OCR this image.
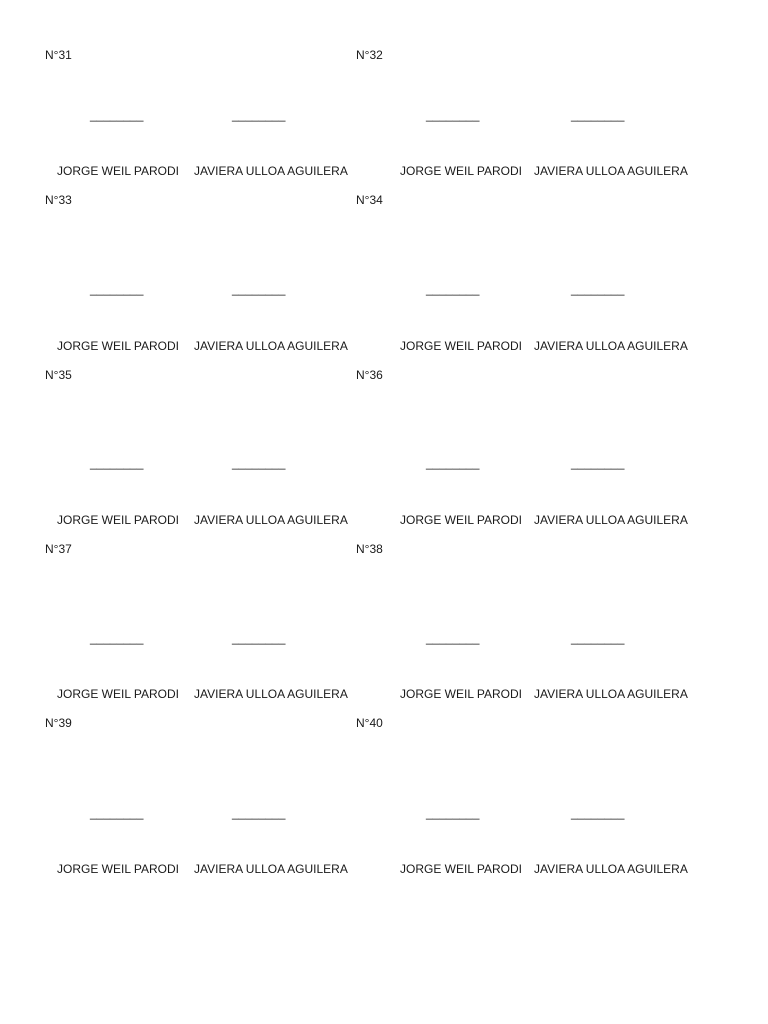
N°31
JORGE WEIL PARODI JAVIERA ULLOA AGUILERA
N°32
JORGE WEIL PARODI JAVIERA ULLOA AGUILERA
N°33
JORGE WEIL PARODI JAVIERA ULLOA AGUILERA
N°34
JORGE WEIL PARODI JAVIERA ULLOA AGUILERA
N°35
JORGE WEIL PARODI JAVIERA ULLOA AGUILERA
N°36
JORGE WEIL PARODI JAVIERA ULLOA AGUILERA
N°37
JORGE WEIL PARODI JAVIERA ULLOA AGUILERA
N°38
JORGE WEIL PARODI JAVIERA ULLOA AGUILERA
N°39
JORGE WEIL PARODI JAVIERA ULLOA AGUILERA
N°40
JORGE WEIL PARODI JAVIERA ULLOA AGUILERA
________	________	________	________
________	________	________	________
________	________	________	________
________	________	________	________
________	________	________	________
